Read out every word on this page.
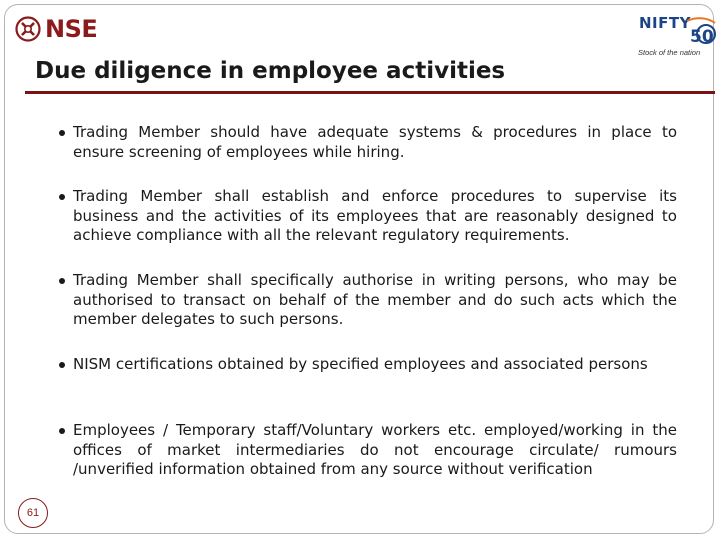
NSE
Due diligence in employee activities
NIFTY
50
Stock of the nation
Trading Member should have adequate systems & procedures in place to ensure screening of employees while hiring.
Trading Member shall establish and enforce procedures to supervise its business and the activities of its employees that are reasonably designed to achieve compliance with all the relevant regulatory requirements.
Trading Member shall specifically authorise in writing persons, who may be authorised to transact on behalf of the member and do such acts which the member delegates to such persons.
NISM certifications obtained by specified employees and associated persons
Employees / Temporary staff/Voluntary workers etc. employed/working in the offices of market intermediaries do not encourage circulate/ rumours /unverified information obtained from any source without verification
61
